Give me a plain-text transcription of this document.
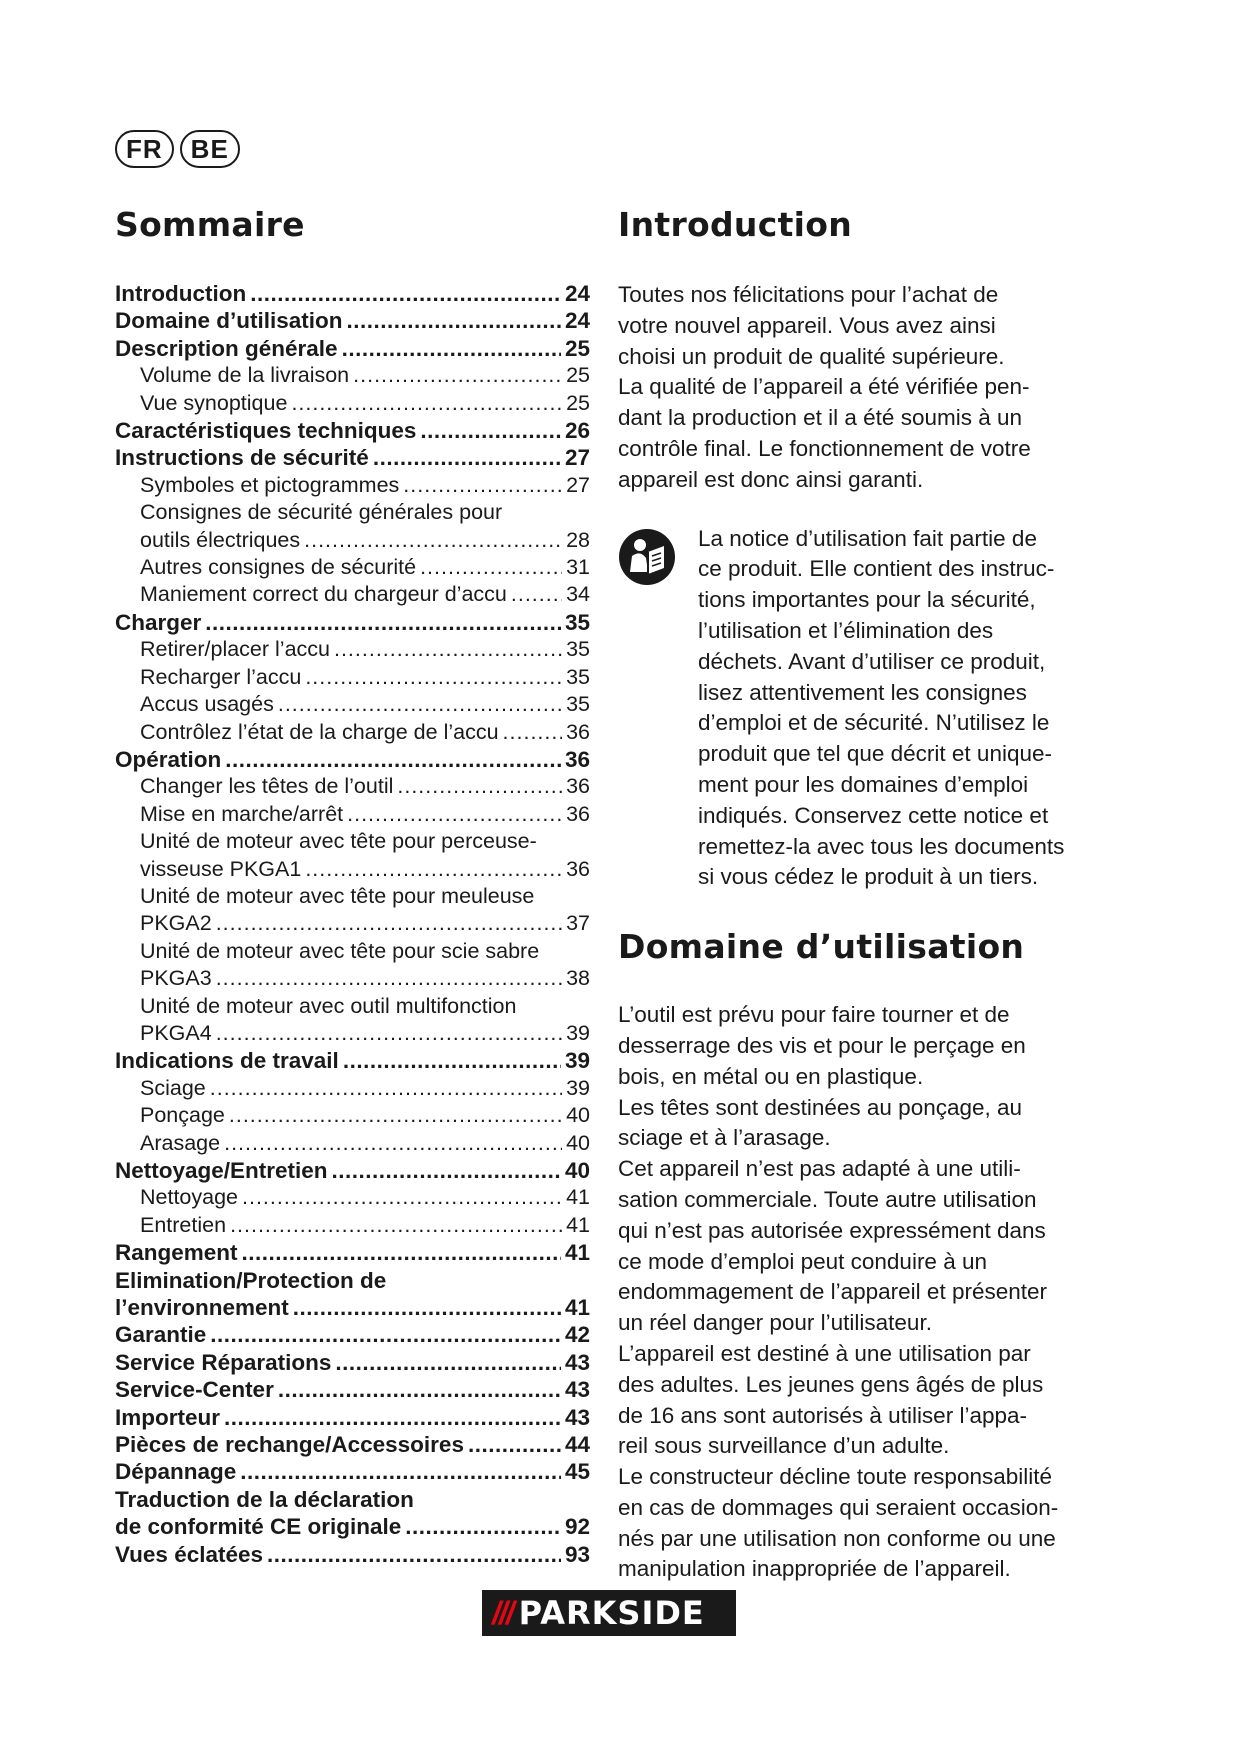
FR	BE
Sommaire
Introduction .....	24
Domaine d’utilisation .....	24
Description générale .....	25
Volume de la livraison .....	25
Vue synoptique .....	25
Caractéristiques techniques .....	26
Instructions de sécurité .....	27
Symboles et pictogrammes .....	27
Consignes de sécurité générales pour
outils électriques .....	28
Autres consignes de sécurité .....	31
Maniement correct du chargeur d’accu .....	34
Charger .....	35
Retirer/placer l’accu .....	35
Recharger l’accu .....	35
Accus usagés .....	35
Contrôlez l’état de la charge de l’accu .....	36
Opération .....	36
Changer les têtes de l’outil .....	36
Mise en marche/arrêt .....	36
Unité de moteur avec tête pour perceuse-
visseuse PKGA1 .....	36
Unité de moteur avec tête pour meuleuse
PKGA2 .....	37
Unité de moteur avec tête pour scie sabre
PKGA3 .....	38
Unité de moteur avec outil multifonction
PKGA4 .....	39
Indications de travail .....	39
Sciage .....	39
Ponçage .....	40
Arasage .....	40
Nettoyage/Entretien .....	40
Nettoyage .....	41
Entretien .....	41
Rangement .....	41
Elimination/Protection de
l’environnement .....	41
Garantie .....	42
Service Réparations .....	43
Service-Center .....	43
Importeur .....	43
Pièces de rechange/Accessoires .....	44
Dépannage .....	45
Traduction de la déclaration
de conformité CE originale .....	92
Vues éclatées .....	93
Introduction

Toutes nos félicitations pour l’achat de

votre nouvel appareil. Vous avez ainsi

choisi un produit de qualité supérieure.

La qualité de l’appareil a été vérifiée pen-

dant la production et il a été soumis à un

contrôle final. Le fonctionnement de votre

appareil est donc ainsi garanti.

La notice d’utilisation fait partie de

ce produit. Elle contient des instruc-

tions importantes pour la sécurité,

l’utilisation et l’élimination des

déchets. Avant d’utiliser ce produit,

lisez attentivement les consignes

d’emploi et de sécurité. N’utilisez le

produit que tel que décrit et unique-

ment pour les domaines d’emploi

indiqués. Conservez cette notice et

remettez-la avec tous les documents

si vous cédez le produit à un tiers.

Domaine d’utilisation

L’outil est prévu pour faire tourner et de

desserrage des vis et pour le perçage en

bois, en métal ou en plastique.

Les têtes sont destinées au ponçage, au

sciage et à l’arasage.

Cet appareil n’est pas adapté à une utili-

sation commerciale. Toute autre utilisation

qui n’est pas autorisée expressément dans

ce mode d’emploi peut conduire à un

endommagement de l’appareil et présenter

un réel danger pour l’utilisateur.

L’appareil est destiné à une utilisation par

des adultes. Les jeunes gens âgés de plus

de 16 ans sont autorisés à utiliser l’appa-

reil sous surveillance d’un adulte.

Le constructeur décline toute responsabilité

en cas de dommages qui seraient occasion-

nés par une utilisation non conforme ou une

manipulation inappropriée de l’appareil.

/// PARKSIDE
